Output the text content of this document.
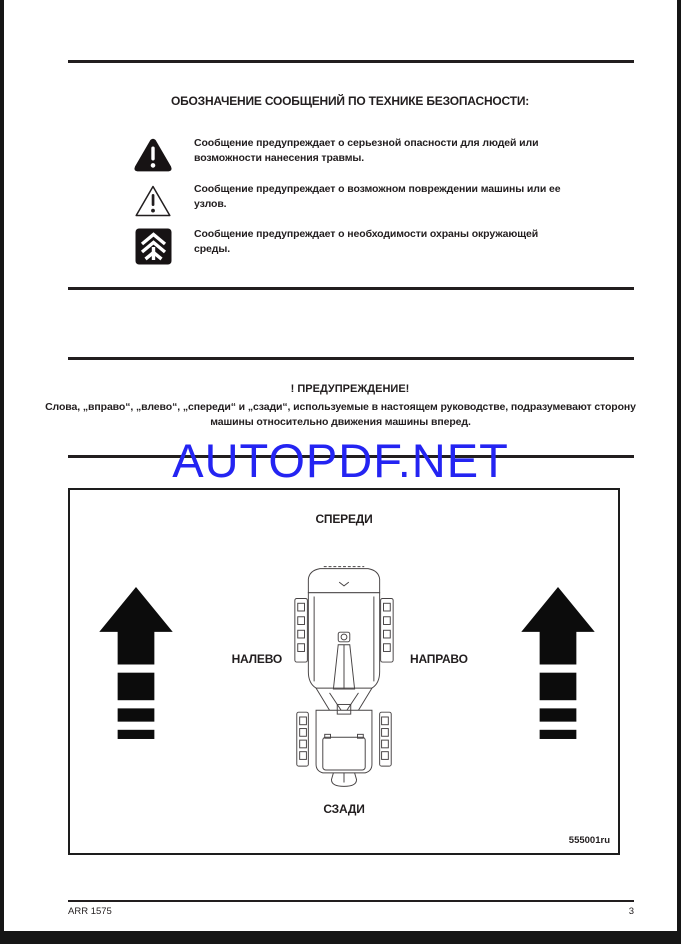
ОБОЗНАЧЕНИЕ СООБЩЕНИЙ ПО ТЕХНИКЕ БЕЗОПАСНОСТИ:
Сообщение предупреждает о серьезной опасности для людей или возможности нанесения травмы.
Сообщение предупреждает о возможном повреждении машины или ее узлов.
Сообщение предупреждает о необходимости охраны окружающей среды.
! ПРЕДУПРЕЖДЕНИЕ!
Слова, „вправо“, „влево“, „спереди“ и „сзади“, используемые в настоящем руководстве, подразумевают сторону машины относительно движения машины вперед.
AUTOPDF.NET
СПЕРЕДИ
НАЛЕВО	НАПРАВО
СЗАДИ
555001ru
ARR 1575	3
